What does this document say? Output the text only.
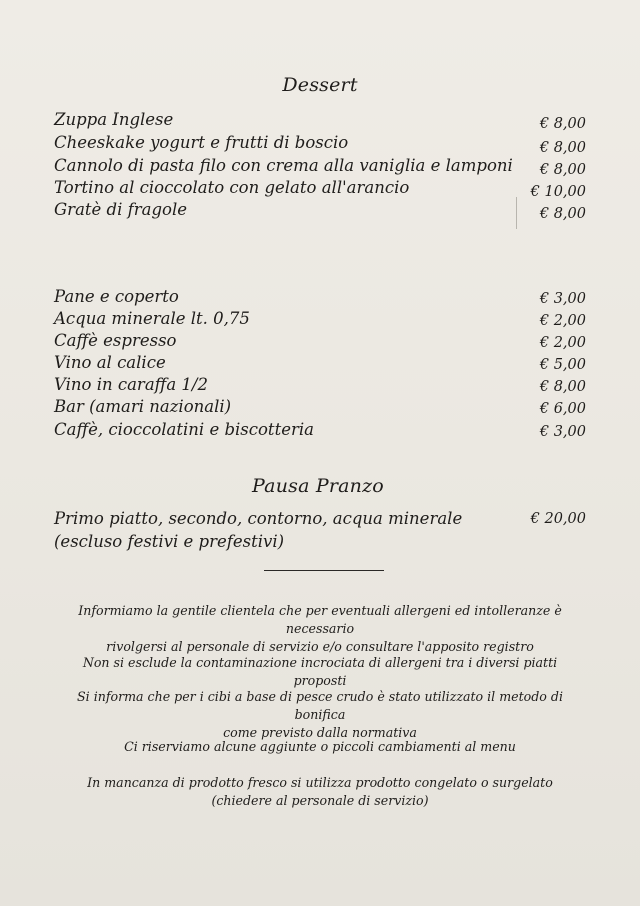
Dessert
Zuppa Inglese	€ 8,00
Cheeskake yogurt e frutti di boscio	€ 8,00
Cannolo di pasta filo con crema alla vaniglia e lamponi € 8,00
Tortino al cioccolato con gelato all'arancio	€ 10,00
Gratè di fragole	€ 8,00
Pane e coperto	€ 3,00
Acqua minerale lt. 0,75	€ 2,00
Caffè espresso	€ 2,00
Vino al calice	€ 5,00
Vino in caraffa 1/2	€ 8,00
Bar (amari nazionali)	€ 6,00
Caffè, cioccolatini e biscotteria	€ 3,00
Pausa Pranzo
Primo piatto, secondo, contorno, acqua minerale
(escluso festivi e prefestivi)
€ 20,00
Informiamo la gentile clientela che per eventuali allergeni ed intolleranze è necessario
rivolgersi al personale di servizio e/o consultare l'apposito registro
Non si esclude la contaminazione incrociata di allergeni tra i diversi piatti proposti
Si informa che per i cibi a base di pesce crudo è stato utilizzato il metodo di bonifica
come previsto dalla normativa
Ci riserviamo alcune aggiunte o piccoli cambiamenti al menu
In mancanza di prodotto fresco si utilizza prodotto congelato o surgelato
(chiedere al personale di servizio)
